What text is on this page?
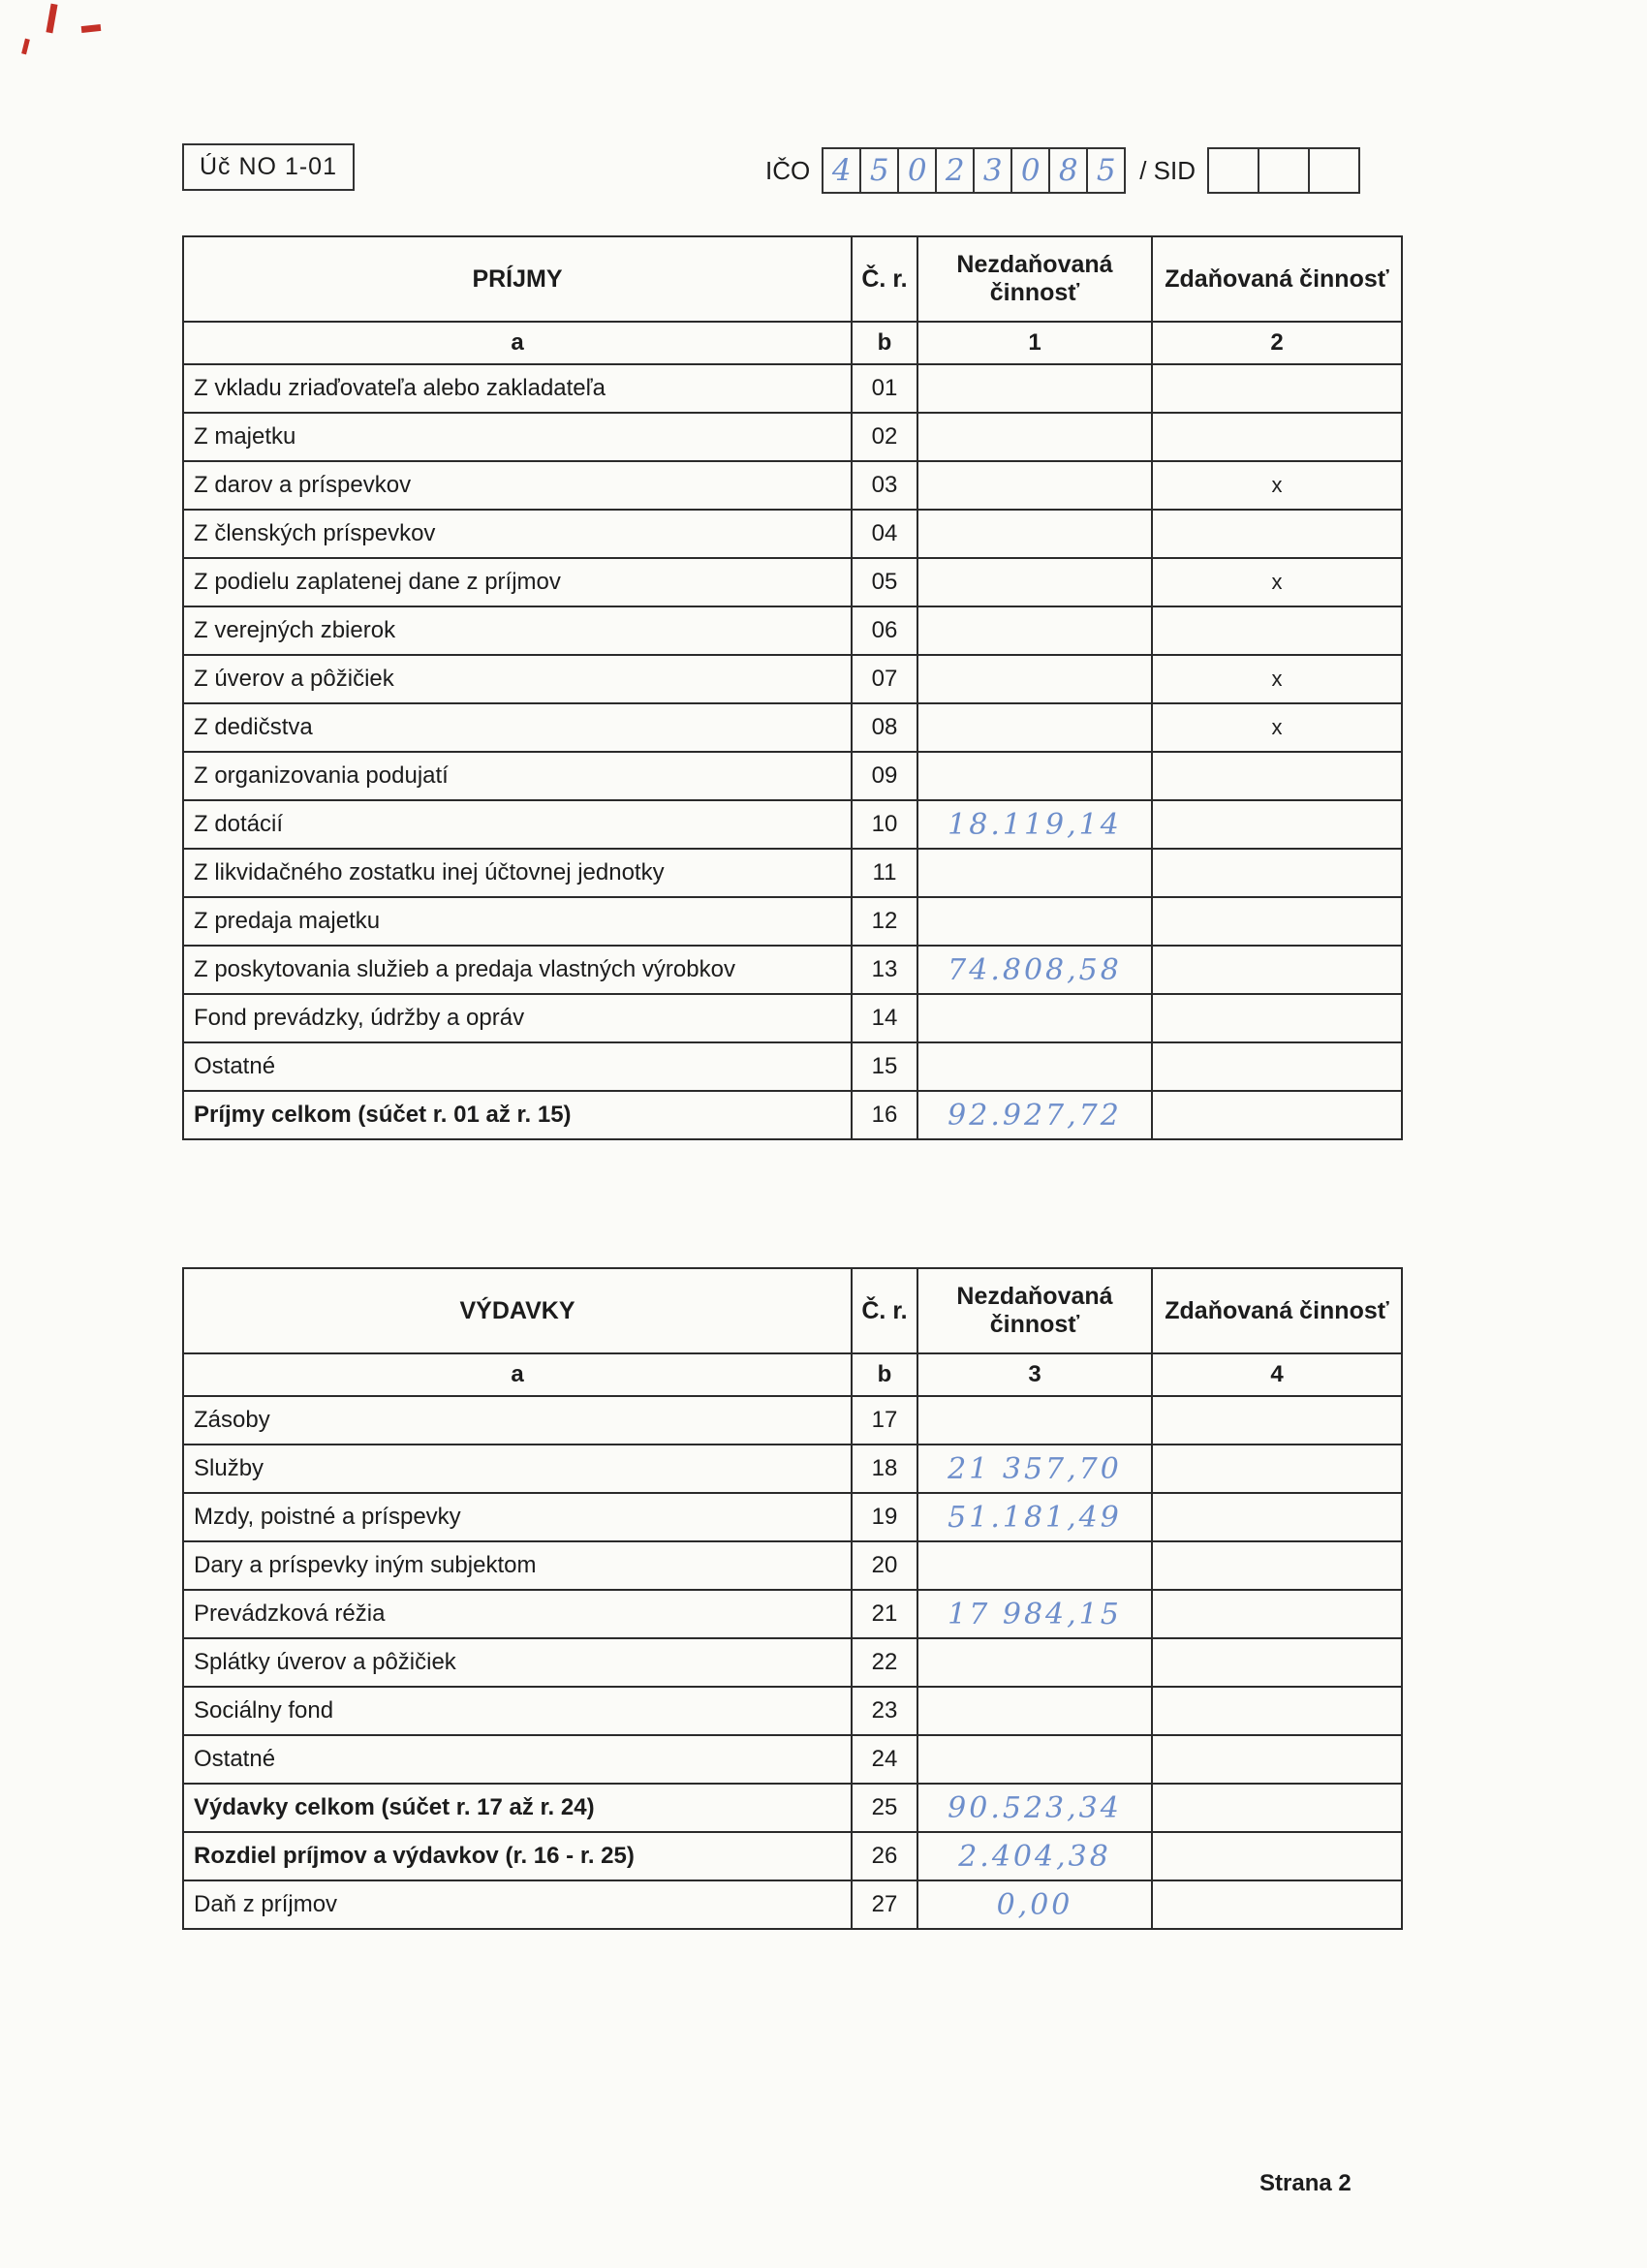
Úč NO 1-01	IČO 4 5 0 2 3 0 8 5 / SID
PRÍJMY	Č. r.	Nezdaňovaná činnosť	Zdaňovaná činnosť
a	b	1	2
Z vkladu zriaďovateľa alebo zakladateľa	01		
Z majetku	02		
Z darov a príspevkov	03		x
Z členských príspevkov	04		
Z podielu zaplatenej dane z príjmov	05		x
Z verejných zbierok	06		
Z úverov a pôžičiek	07		x
Z dedičstva	08		x
Z organizovania podujatí	09		
Z dotácií	10	18.119,14	
Z likvidačného zostatku inej účtovnej jednotky	11		
Z predaja majetku	12		
Z poskytovania služieb a predaja vlastných výrobkov	13	74.808,58	
Fond prevádzky, údržby a opráv	14		
Ostatné	15		
Príjmy celkom (súčet r. 01 až r. 15)	16	92.927,72	
VÝDAVKY	Č. r.	Nezdaňovaná činnosť	Zdaňovaná činnosť
a	b	3	4
Zásoby	17		
Služby	18	21 357,70	
Mzdy, poistné a príspevky	19	51.181,49	
Dary a príspevky iným subjektom	20		
Prevádzková réžia	21	17 984,15	
Splátky úverov a pôžičiek	22		
Sociálny fond	23		
Ostatné	24		
Výdavky celkom (súčet r. 17 až r. 24)	25	90.523,34	
Rozdiel príjmov a výdavkov (r. 16 - r. 25)	26	2.404,38	
Daň z príjmov	27	0,00	
Strana 2
